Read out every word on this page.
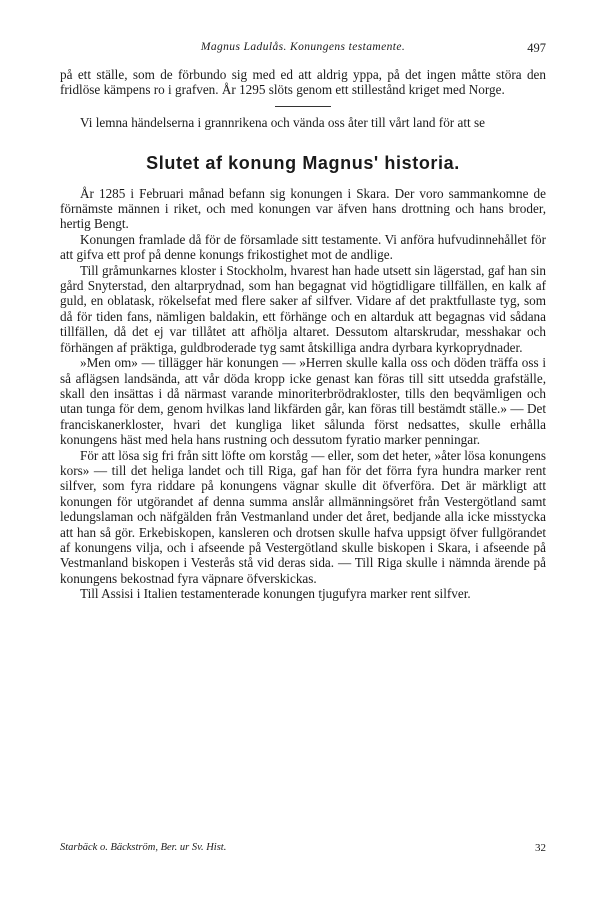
Magnus Ladulås. Konungens testamente.	497

på ett ställe, som de förbundo sig med ed att aldrig yppa, på det ingen måtte störa den fridlöse kämpens ro i grafven. År 1295 slöts genom ett stillestånd kriget med Norge.

Vi lemna händelserna i grannrikena och vända oss åter till vårt land för att se

Slutet af konung Magnus' historia.

År 1285 i Februari månad befann sig konungen i Skara. Der voro sammankomne de förnämste männen i riket, och med konungen var äfven hans drottning och hans broder, hertig Bengt.

Konungen framlade då för de församlade sitt testamente. Vi anföra hufvudinnehållet för att gifva ett prof på denne konungs frikostighet mot de andlige.

Till gråmunkarnes kloster i Stockholm, hvarest han hade utsett sin lägerstad, gaf han sin gård Snyterstad, den altarprydnad, som han begagnat vid högtidligare tillfällen, en kalk af guld, en oblatask, rökelsefat med flere saker af silfver. Vidare af det praktfullaste tyg, som då för tiden fans, nämligen baldakin, ett förhänge och en altarduk att begagnas vid sådana tillfällen, då det ej var tillåtet att afhölja altaret. Dessutom altarskrudar, messhakar och förhängen af präktiga, guldbroderade tyg samt åtskilliga andra dyrbara kyrkoprydnader.

»Men om» — tillägger här konungen — »Herren skulle kalla oss och döden träffa oss i så aflägsen landsända, att vår döda kropp icke genast kan föras till sitt utsedda grafställe, skall den insättas i då närmast varande minoriterbrödrakloster, tills den beqvämligen och utan tunga för dem, genom hvilkas land likfärden går, kan föras till bestämdt ställe.» — Det franciskanerkloster, hvari det kungliga liket sålunda först nedsattes, skulle erhålla konungens häst med hela hans rustning och dessutom fyratio marker penningar.

För att lösa sig fri från sitt löfte om korståg — eller, som det heter, »åter lösa konungens kors» — till det heliga landet och till Riga, gaf han för det förra fyra hundra marker rent silfver, som fyra riddare på konungens vägnar skulle dit öfverföra. Det är märkligt att konungen för utgörandet af denna summa anslår allmänningsöret från Vestergötland samt ledungslaman och näfgälden från Vestmanland under det året, bedjande alla icke misstycka att han så gör. Erkebiskopen, kansleren och drotsen skulle hafva uppsigt öfver fullgörandet af konungens vilja, och i afseende på Vestergötland skulle biskopen i Skara, i afseende på Vestmanland biskopen i Vesterås stå vid deras sida. — Till Riga skulle i nämnda ärende på konungens bekostnad fyra väpnare öfverskickas.

Till Assisi i Italien testamenterade konungen tjugufyra marker rent silfver.

Starbäck o. Bäckström, Ber. ur Sv. Hist.	32
